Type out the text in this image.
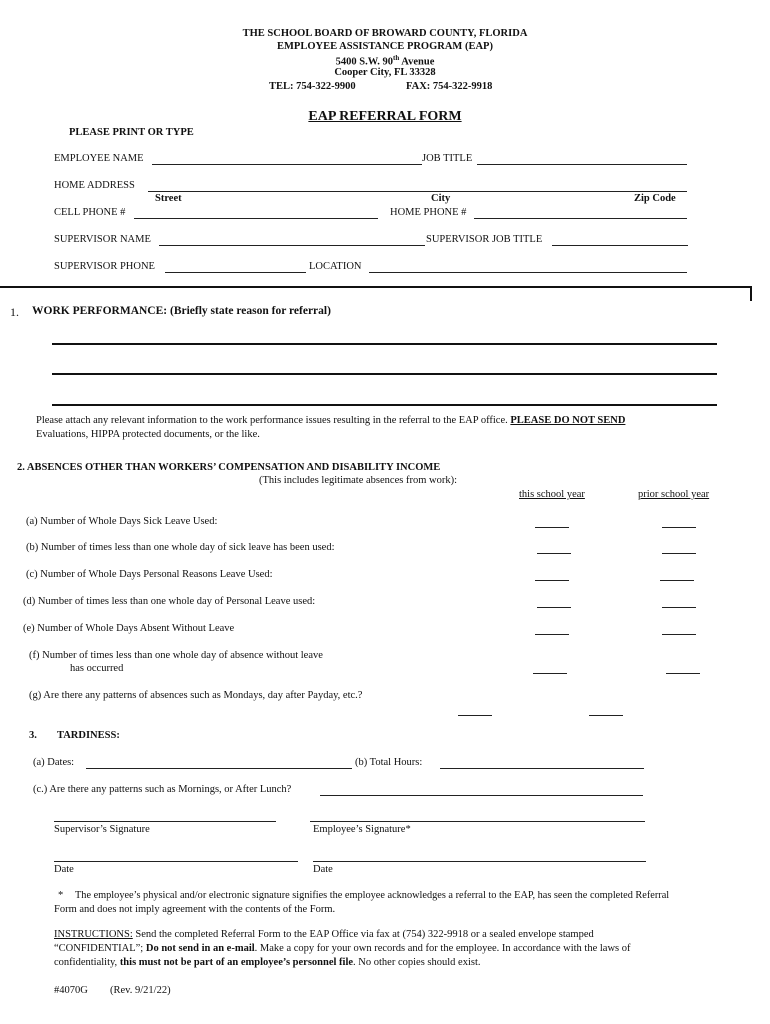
THE SCHOOL BOARD OF BROWARD COUNTY, FLORIDA
EMPLOYEE ASSISTANCE PROGRAM (EAP)
5400 S.W. 90th Avenue
Cooper City, FL 33328
TEL: 754-322-9900	FAX: 754-322-9918
EAP REFERRAL FORM
PLEASE PRINT OR TYPE
EMPLOYEE NAME	JOB TITLE
HOME ADDRESS
Street	City	Zip Code
CELL PHONE #	HOME PHONE #
SUPERVISOR NAME	SUPERVISOR JOB TITLE
SUPERVISOR PHONE	LOCATION
1. WORK PERFORMANCE: (Briefly state reason for referral)
Please attach any relevant information to the work performance issues resulting in the referral to the EAP office. PLEASE DO NOT SEND
Evaluations, HIPPA protected documents, or the like.
2. ABSENCES OTHER THAN WORKERS’ COMPENSATION AND DISABILITY INCOME
(This includes legitimate absences from work):
this school year	prior school year
(a) Number of Whole Days Sick Leave Used:
(b) Number of times less than one whole day of sick leave has been used:
(c) Number of Whole Days Personal Reasons Leave Used:
(d) Number of times less than one whole day of Personal Leave used:
(e) Number of Whole Days Absent Without Leave
(f) Number of times less than one whole day of absence without leave
has occurred
(g) Are there any patterns of absences such as Mondays, day after Payday, etc.?
3. TARDINESS:
(a) Dates:	(b) Total Hours:
(c.) Are there any patterns such as Mornings, or After Lunch?
Supervisor’s Signature	Employee’s Signature*
Date	Date
* The employee’s physical and/or electronic signature signifies the employee acknowledges a referral to the EAP, has seen the completed Referral
Form and does not imply agreement with the contents of the Form.
INSTRUCTIONS: Send the completed Referral Form to the EAP Office via fax at (754) 322-9918 or a sealed envelope stamped
“CONFIDENTIAL”; Do not send in an e-mail. Make a copy for your own records and for the employee. In accordance with the laws of
confidentiality, this must not be part of an employee’s personnel file. No other copies should exist.
#4070G (Rev. 9/21/22)
